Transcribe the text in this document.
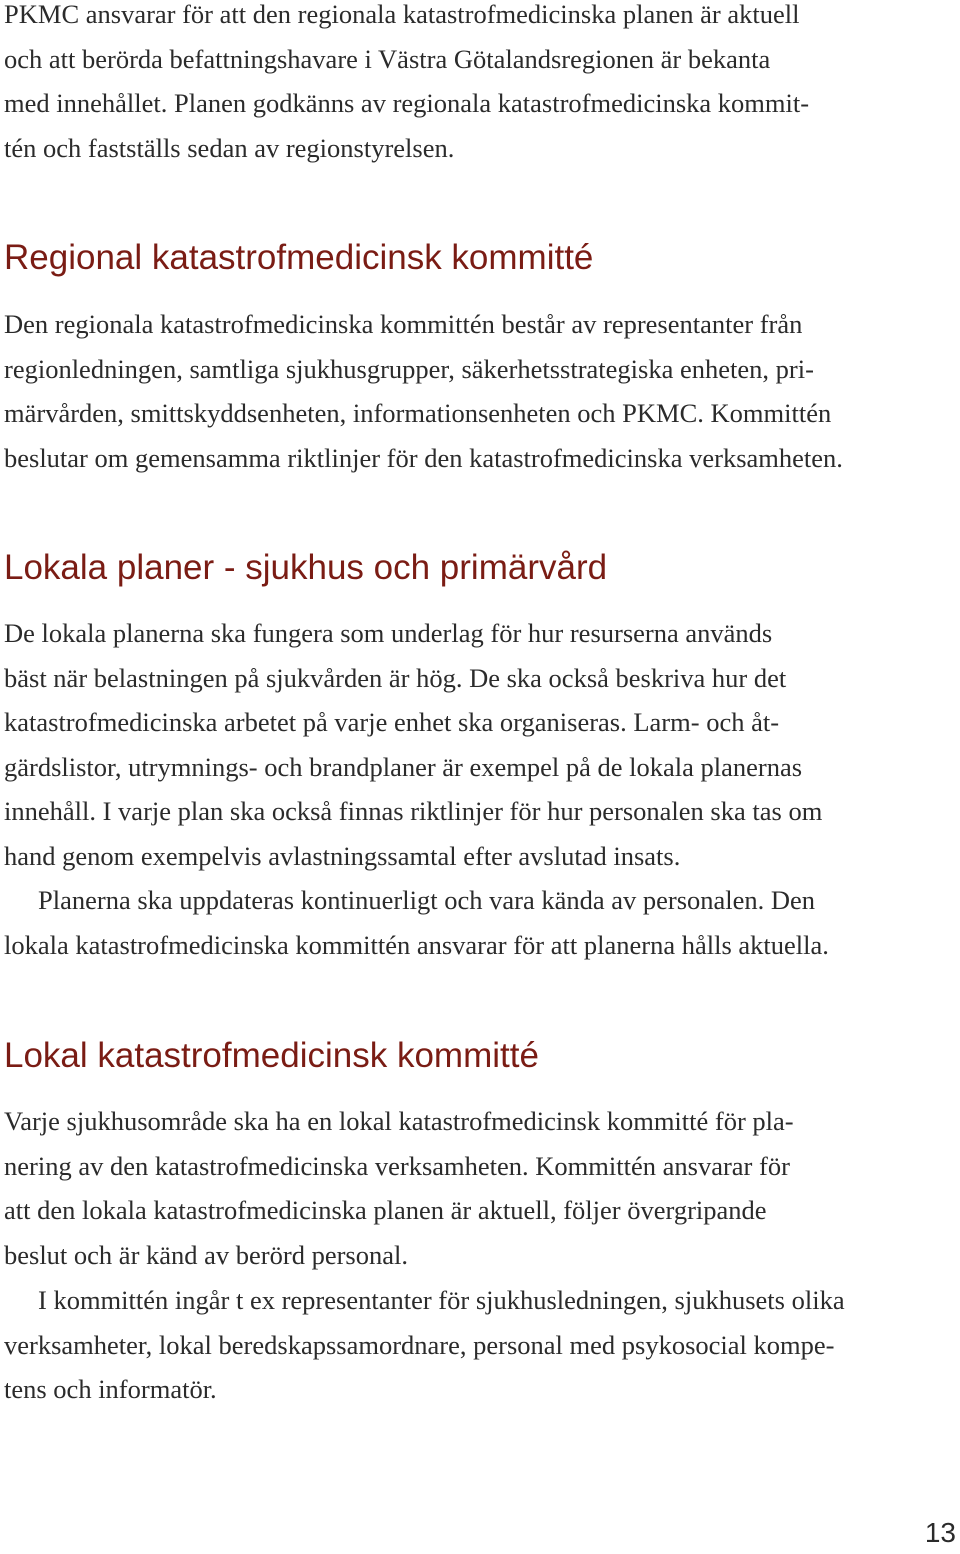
PKMC ansvarar för att den regionala katastrofmedicinska planen är aktuell
och att berörda befattningshavare i Västra Götalandsregionen är bekanta
med innehållet. Planen godkänns av regionala katastrofmedicinska kommit-
tén och fastställs sedan av regionstyrelsen.

Regional katastrofmedicinsk kommitté

Den regionala katastrofmedicinska kommittén består av representanter från
regionledningen, samtliga sjukhusgrupper, säkerhetsstrategiska enheten, pri-
märvården, smittskyddsenheten, informationsenheten och PKMC. Kommittén
beslutar om gemensamma riktlinjer för den katastrofmedicinska verksamheten.

Lokala planer - sjukhus och primärvård

De lokala planerna ska fungera som underlag för hur resurserna används
bäst när belastningen på sjukvården är hög. De ska också beskriva hur det
katastrofmedicinska arbetet på varje enhet ska organiseras. Larm- och åt-
gärdslistor, utrymnings- och brandplaner är exempel på de lokala planernas
innehåll. I varje plan ska också finnas riktlinjer för hur personalen ska tas om
hand genom exempelvis avlastningssamtal efter avslutad insats.

Planerna ska uppdateras kontinuerligt och vara kända av personalen. Den
lokala katastrofmedicinska kommittén ansvarar för att planerna hålls aktuella.

Lokal katastrofmedicinsk kommitté

Varje sjukhusområde ska ha en lokal katastrofmedicinsk kommitté för pla-
nering av den katastrofmedicinska verksamheten. Kommittén ansvarar för
att den lokala katastrofmedicinska planen är aktuell, följer övergripande
beslut och är känd av berörd personal.

I kommittén ingår t ex representanter för sjukhusledningen, sjukhusets olika
verksamheter, lokal beredskapssamordnare, personal med psykosocial kompe-
tens och informatör.

13
